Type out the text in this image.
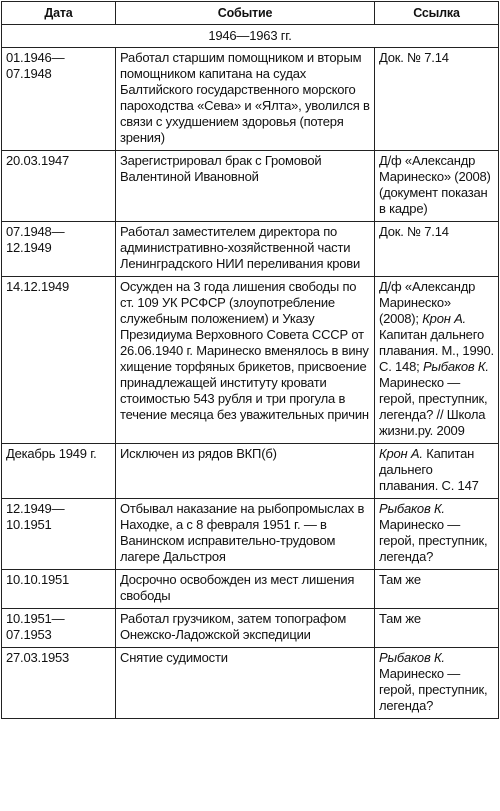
Дата	Событие	Ссылка
1946—1963 гг.		
01.1946—
07.1948	Работал старшим помощником и вторым помощником капитана на судах Балтийского государственного морского пароходства «Сева» и «Ялта», уволился в связи с ухудшением здоровья (потеря зрения)	Док. № 7.14
20.03.1947	Зарегистрировал брак с Громовой Валентиной Ивановной	Д/ф «Александр Маринеско» (2008) (документ показан в кадре)
07.1948—
12.1949	Работал заместителем директора по административно-хозяйственной части Ленинградского НИИ переливания крови	Док. № 7.14
14.12.1949	Осужден на 3 года лишения свободы по ст. 109 УК РСФСР (злоупотребление служебным положением) и Указу Президиума Верховного Совета СССР от 26.06.1940 г. Маринеско вменялось в вину хищение торфяных брикетов, присвоение принадлежащей институту кровати стоимостью 543 рубля и три прогула в течение месяца без уважительных причин	Д/ф «Александр Маринеско» (2008); Крон А. Капитан дальнего плавания. М., 1990. С. 148; Рыбаков К. Маринеско — герой, преступник, легенда? // Школа жизни.ру. 2009
Декабрь 1949 г.	Исключен из рядов ВКП(б)	Крон А. Капитан дальнего плавания. С. 147
12.1949—
10.1951	Отбывал наказание на рыбопромыслах в Находке, а с 8 февраля 1951 г. — в Ванинском исправительно-трудовом лагере Дальстроя	Рыбаков К. Маринеско — герой, преступник, легенда?
10.10.1951	Досрочно освобожден из мест лишения свободы	Там же
10.1951—
07.1953	Работал грузчиком, затем топографом Онежско-Ладожской экспедиции	Там же
27.03.1953	Снятие судимости	Рыбаков К. Маринеско — герой, преступник, легенда?
